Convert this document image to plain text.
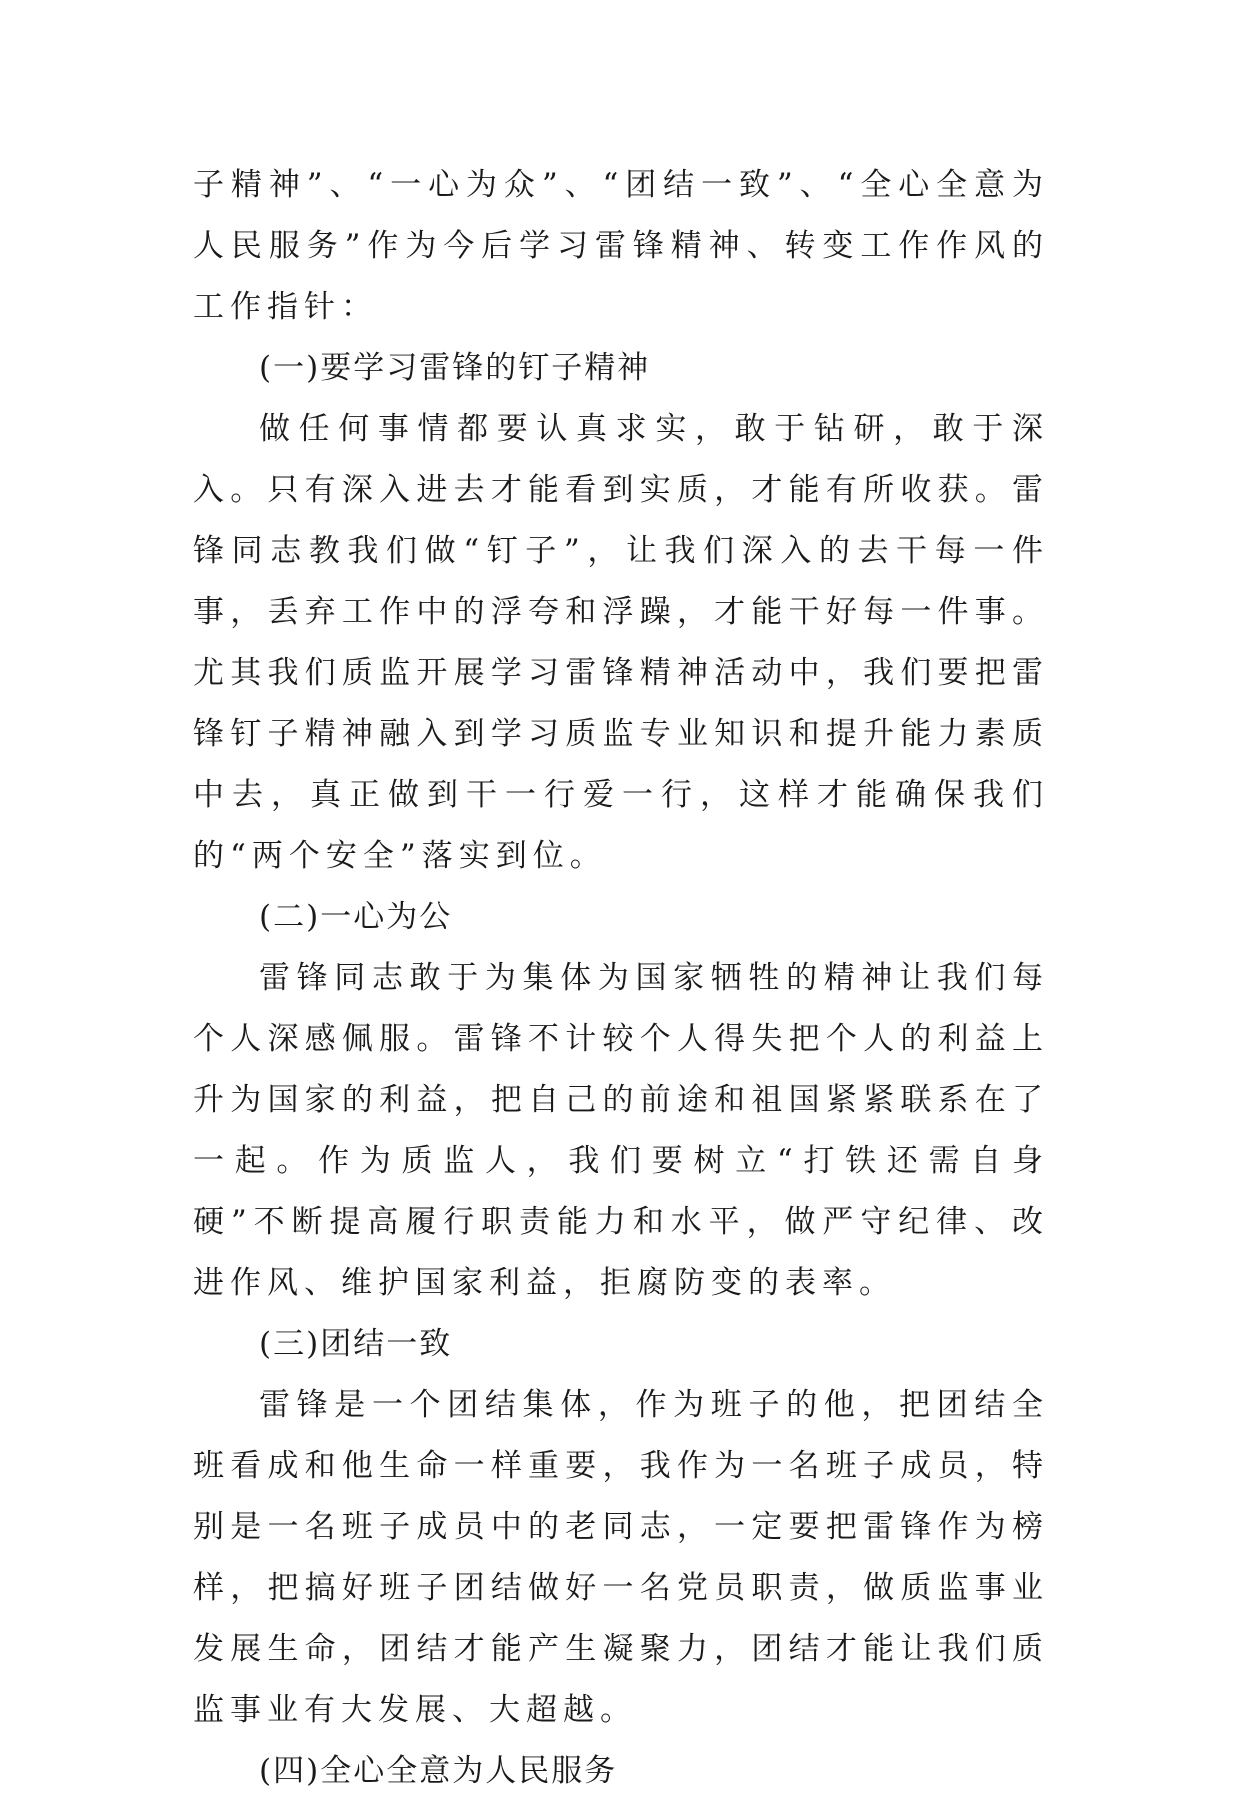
子精神”、“一心为众”、“团结一致”、“全心全意为人民服务”作为今后学习雷锋精神、转变工作作风的工作指针：

(一)要学习雷锋的钉子精神

做任何事情都要认真求实，敢于钻研，敢于深入。只有深入进去才能看到实质，才能有所收获。雷锋同志教我们做“钉子”，让我们深入的去干每一件事，丢弃工作中的浮夸和浮躁，才能干好每一件事。尤其我们质监开展学习雷锋精神活动中，我们要把雷锋钉子精神融入到学习质监专业知识和提升能力素质中去，真正做到干一行爱一行，这样才能确保我们的“两个安全”落实到位。

(二)一心为公

雷锋同志敢于为集体为国家牺牲的精神让我们每个人深感佩服。雷锋不计较个人得失把个人的利益上升为国家的利益，把自己的前途和祖国紧紧联系在了一起。作为质监人，我们要树立“打铁还需自身硬”不断提高履行职责能力和水平，做严守纪律、改进作风、维护国家利益，拒腐防变的表率。

(三)团结一致

雷锋是一个团结集体，作为班子的他，把团结全班看成和他生命一样重要，我作为一名班子成员，特别是一名班子成员中的老同志，一定要把雷锋作为榜样，把搞好班子团结做好一名党员职责，做质监事业发展生命，团结才能产生凝聚力，团结才能让我们质监事业有大发展、大超越。

(四)全心全意为人民服务
